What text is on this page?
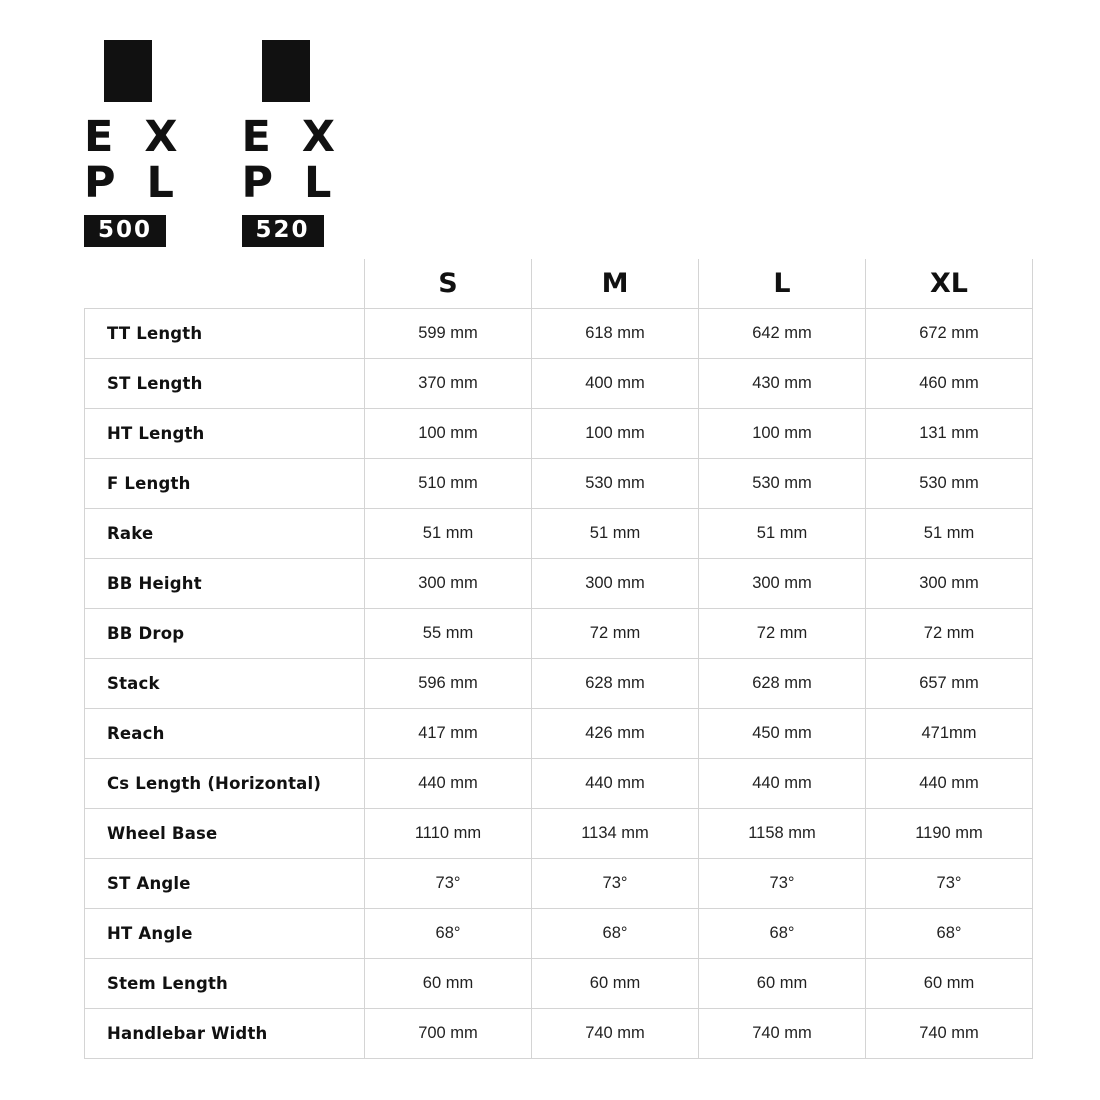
E X
P L
500
E X
P L
520
	S	M	L	XL
TT Length	599 mm	618 mm	642 mm	672 mm
ST Length	370 mm	400 mm	430 mm	460 mm
HT Length	100 mm	100 mm	100 mm	131 mm
F Length	510 mm	530 mm	530 mm	530 mm
Rake	51 mm	51 mm	51 mm	51 mm
BB Height	300 mm	300 mm	300 mm	300 mm
BB Drop	55 mm	72 mm	72 mm	72 mm
Stack	596 mm	628 mm	628 mm	657 mm
Reach	417 mm	426 mm	450 mm	471mm
Cs Length (Horizontal)	440 mm	440 mm	440 mm	440 mm
Wheel Base	1110 mm	1134 mm	1158 mm	1190 mm
ST Angle	73°	73°	73°	73°
HT Angle	68°	68°	68°	68°
Stem Length	60 mm	60 mm	60 mm	60 mm
Handlebar Width	700 mm	740 mm	740 mm	740 mm
